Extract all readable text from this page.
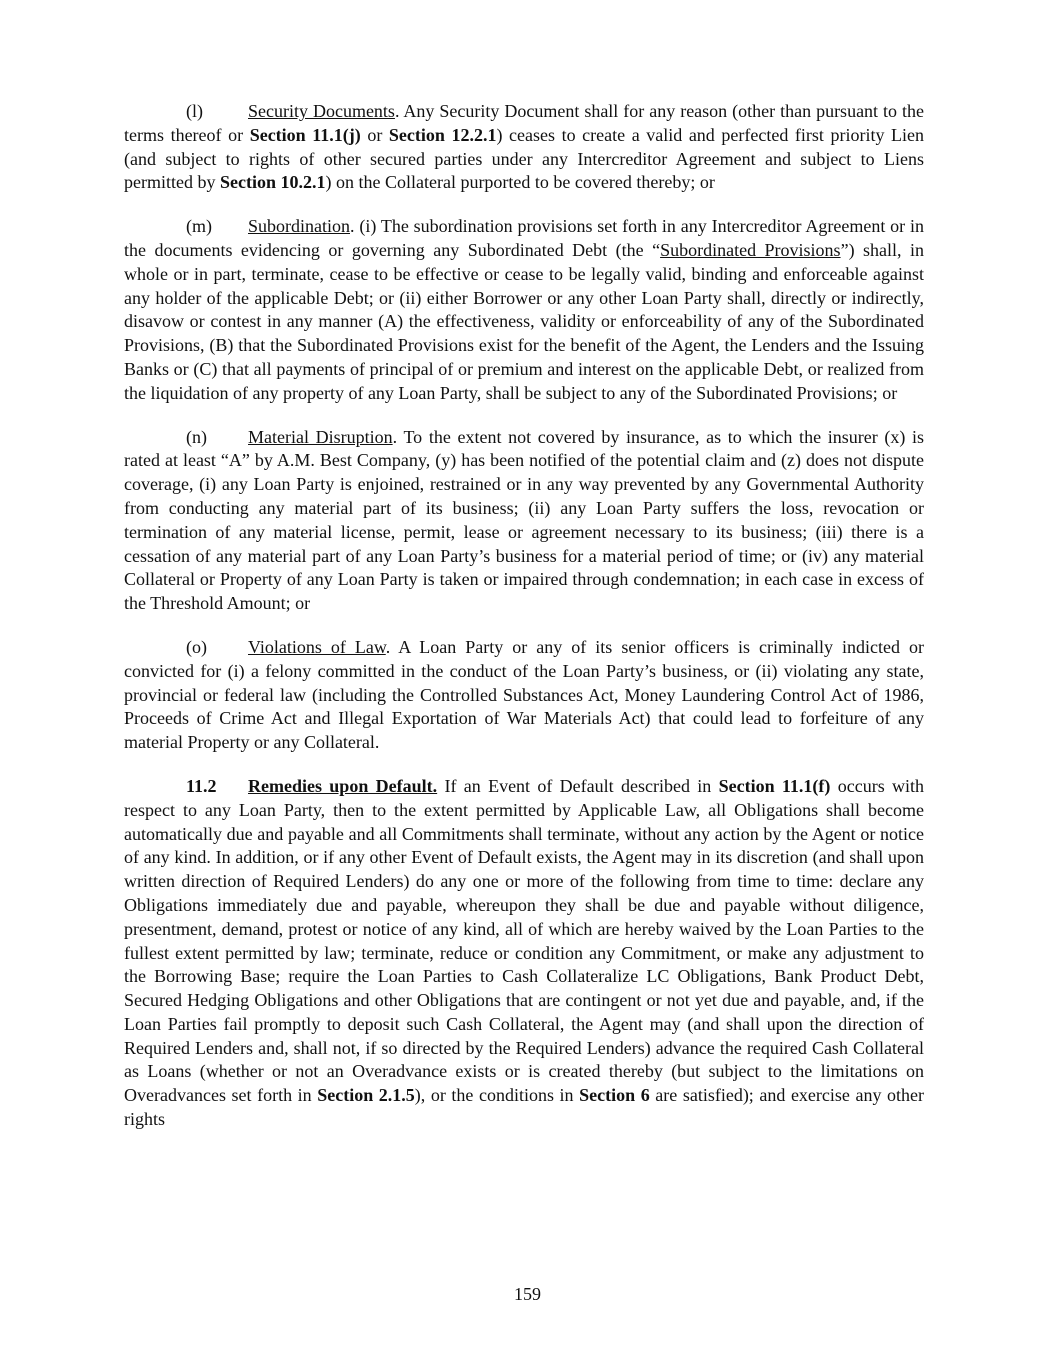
(l)	Security Documents. Any Security Document shall for any reason (other than pursuant to the terms thereof or Section 11.1(j) or Section 12.2.1) ceases to create a valid and perfected first priority Lien (and subject to rights of other secured parties under any Intercreditor Agreement and subject to Liens permitted by Section 10.2.1) on the Collateral purported to be covered thereby; or

(m) Subordination. (i) The subordination provisions set forth in any Intercreditor Agreement or in the documents evidencing or governing any Subordinated Debt (the “Subordinated Provisions”) shall, in whole or in part, terminate, cease to be effective or cease to be legally valid, binding and enforceable against any holder of the applicable Debt; or (ii) either Borrower or any other Loan Party shall, directly or indirectly, disavow or contest in any manner (A) the effectiveness, validity or enforceability of any of the Subordinated Provisions, (B) that the Subordinated Provisions exist for the benefit of the Agent, the Lenders and the Issuing Banks or (C) that all payments of principal of or premium and interest on the applicable Debt, or realized from the liquidation of any property of any Loan Party, shall be subject to any of the Subordinated Provisions; or

(n) Material Disruption. To the extent not covered by insurance, as to which the insurer (x) is rated at least “A” by A.M. Best Company, (y) has been notified of the potential claim and (z) does not dispute coverage, (i) any Loan Party is enjoined, restrained or in any way prevented by any Governmental Authority from conducting any material part of its business; (ii) any Loan Party suffers the loss, revocation or termination of any material license, permit, lease or agreement necessary to its business; (iii) there is a cessation of any material part of any Loan Party’s business for a material period of time; or (iv) any material Collateral or Property of any Loan Party is taken or impaired through condemnation; in each case in excess of the Threshold Amount; or

(o) Violations of Law. A Loan Party or any of its senior officers is criminally indicted or convicted for (i) a felony committed in the conduct of the Loan Party’s business, or (ii) violating any state, provincial or federal law (including the Controlled Substances Act, Money Laundering Control Act of 1986, Proceeds of Crime Act and Illegal Exportation of War Materials Act) that could lead to forfeiture of any material Property or any Collateral.

11.2 Remedies upon Default. If an Event of Default described in Section 11.1(f) occurs with respect to any Loan Party, then to the extent permitted by Applicable Law, all Obligations shall become automatically due and payable and all Commitments shall terminate, without any action by the Agent or notice of any kind. In addition, or if any other Event of Default exists, the Agent may in its discretion (and shall upon written direction of Required Lenders) do any one or more of the following from time to time: declare any Obligations immediately due and payable, whereupon they shall be due and payable without diligence, presentment, demand, protest or notice of any kind, all of which are hereby waived by the Loan Parties to the fullest extent permitted by law; terminate, reduce or condition any Commitment, or make any adjustment to the Borrowing Base; require the Loan Parties to Cash Collateralize LC Obligations, Bank Product Debt, Secured Hedging Obligations and other Obligations that are contingent or not yet due and payable, and, if the Loan Parties fail promptly to deposit such Cash Collateral, the Agent may (and shall upon the direction of Required Lenders and, shall not, if so directed by the Required Lenders) advance the required Cash Collateral as Loans (whether or not an Overadvance exists or is created thereby (but subject to the limitations on Overadvances set forth in Section 2.1.5), or the conditions in Section 6 are satisfied); and exercise any other rights

159
